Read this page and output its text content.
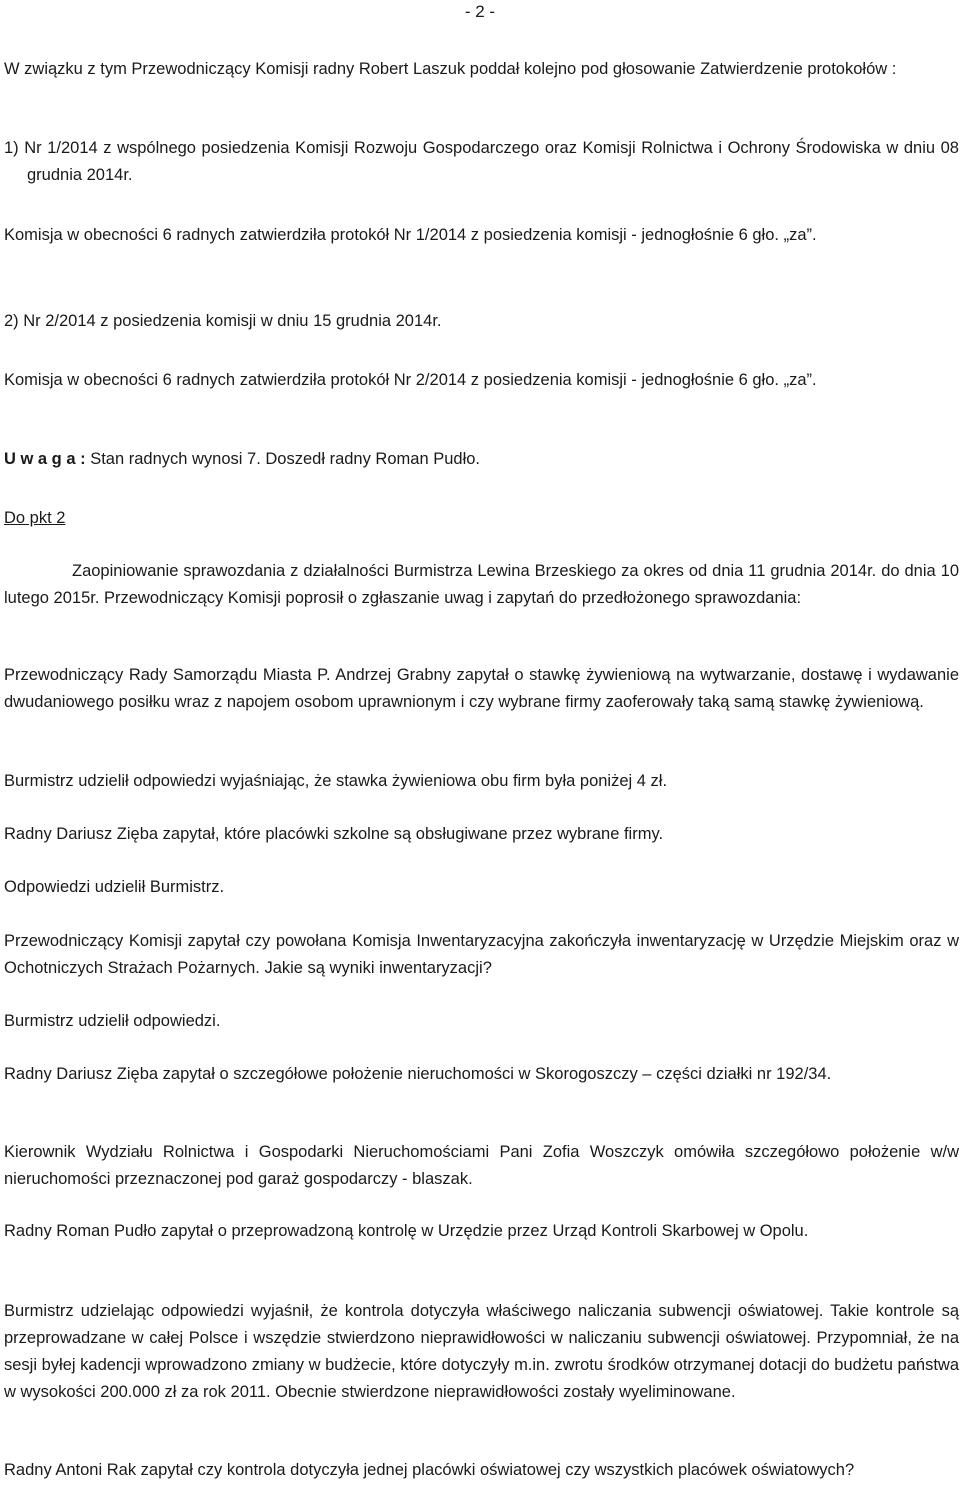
- 2 -

W związku z tym Przewodniczący Komisji radny Robert Laszuk poddał kolejno pod głosowanie Zatwierdzenie protokołów :

1) Nr 1/2014 z wspólnego posiedzenia Komisji Rozwoju Gospodarczego oraz Komisji Rolnictwa i Ochrony Środowiska w dniu 08 grudnia 2014r.

Komisja w obecności 6 radnych zatwierdziła protokół Nr 1/2014 z posiedzenia komisji - jednogłośnie 6 gło. „za”.

2) Nr 2/2014 z posiedzenia komisji w dniu 15 grudnia 2014r.

Komisja w obecności 6 radnych zatwierdziła protokół Nr 2/2014 z posiedzenia komisji - jednogłośnie 6 gło. „za”.

U w a g a : Stan radnych wynosi 7. Doszedł radny Roman Pudło.

Do pkt 2

Zaopiniowanie sprawozdania z działalności Burmistrza Lewina Brzeskiego za okres od dnia 11 grudnia 2014r. do dnia 10 lutego 2015r. Przewodniczący Komisji poprosił o zgłaszanie uwag i zapytań do przedłożonego sprawozdania:

Przewodniczący Rady Samorządu Miasta P. Andrzej Grabny zapytał o stawkę żywieniową na wytwarzanie, dostawę i wydawanie dwudaniowego posiłku wraz z napojem osobom uprawnionym i czy wybrane firmy zaoferowały taką samą stawkę żywieniową.

Burmistrz udzielił odpowiedzi wyjaśniając, że stawka żywieniowa obu firm była poniżej 4 zł.

Radny Dariusz Zięba zapytał, które placówki szkolne są obsługiwane przez wybrane firmy.

Odpowiedzi udzielił Burmistrz.

Przewodniczący Komisji zapytał czy powołana Komisja Inwentaryzacyjna zakończyła inwentaryzację w Urzędzie Miejskim oraz w Ochotniczych Strażach Pożarnych. Jakie są wyniki inwentaryzacji?

Burmistrz udzielił odpowiedzi.

Radny Dariusz Zięba zapytał o szczegółowe położenie nieruchomości w Skorogoszczy – części działki nr 192/34.

Kierownik Wydziału Rolnictwa i Gospodarki Nieruchomościami Pani Zofia Woszczyk omówiła szczegółowo położenie w/w nieruchomości przeznaczonej pod garaż gospodarczy - blaszak.

Radny Roman Pudło zapytał o przeprowadzoną kontrolę w Urzędzie przez Urząd Kontroli Skarbowej w Opolu.

Burmistrz udzielając odpowiedzi wyjaśnił, że kontrola dotyczyła właściwego naliczania subwencji oświatowej. Takie kontrole są przeprowadzane w całej Polsce i wszędzie stwierdzono nieprawidłowości w naliczaniu subwencji oświatowej. Przypomniał, że na sesji byłej kadencji wprowadzono zmiany w budżecie, które dotyczyły m.in. zwrotu środków otrzymanej dotacji do budżetu państwa w wysokości 200.000 zł za rok 2011. Obecnie stwierdzone nieprawidłowości zostały wyeliminowane.

Radny Antoni Rak zapytał czy kontrola dotyczyła jednej placówki oświatowej czy wszystkich placówek oświatowych?
